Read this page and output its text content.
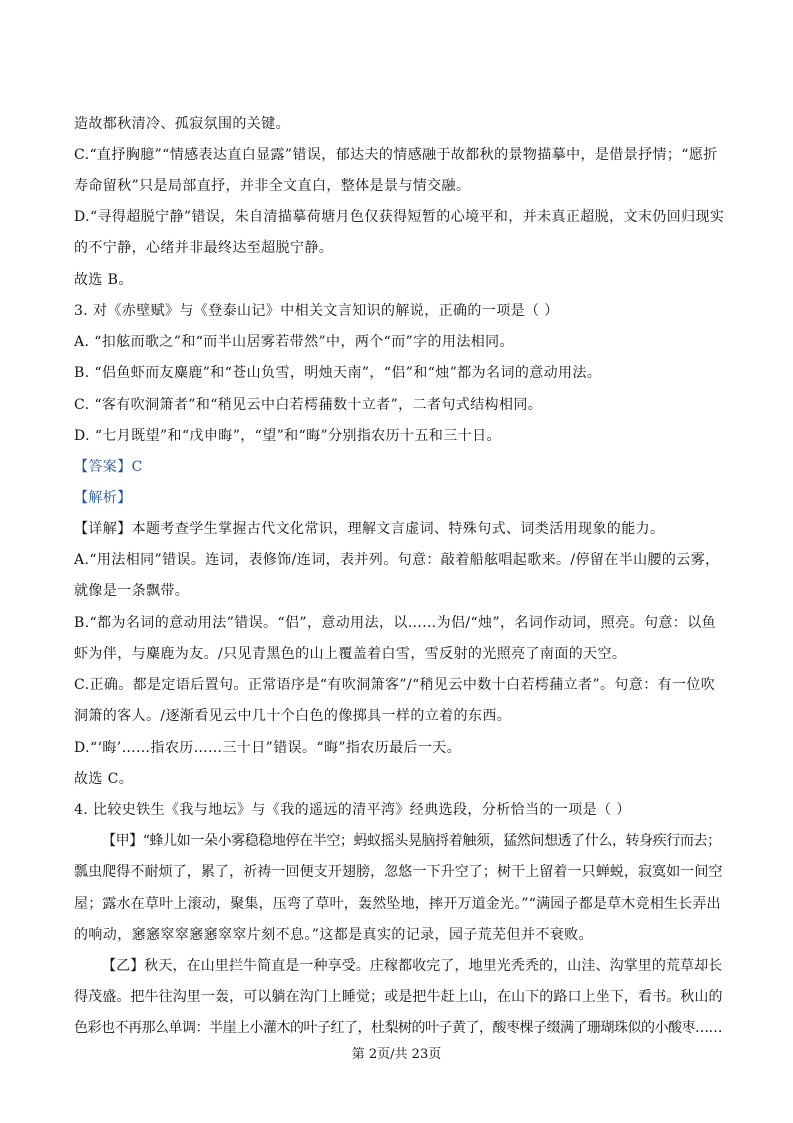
造故都秋清冷、孤寂氛围的关键。
C.“直抒胸臆”“情感表达直白显露”错误，郁达夫的情感融于故都秋的景物描摹中，是借景抒情；“愿折
寿命留秋”只是局部直抒，并非全文直白，整体是景与情交融。
D.“寻得超脱宁静”错误，朱自清描摹荷塘月色仅获得短暂的心境平和，并未真正超脱，文末仍回归现实
的不宁静，心绪并非最终达至超脱宁静。
故选 B。
3. 对《赤壁赋》与《登泰山记》中相关文言知识的解说，正确的一项是（ ）
A. “扣舷而歌之”和“而半山居雾若带然”中，两个“而”字的用法相同。
B. “侣鱼虾而友麋鹿”和“苍山负雪，明烛天南”，“侣”和“烛”都为名词的意动用法。
C. “客有吹洞箫者”和“稍见云中白若樗蒱数十立者”，二者句式结构相同。
D. “七月既望”和“戊申晦”，“望”和“晦”分别指农历十五和三十日。
【答案】C
【解析】
【详解】本题考查学生掌握古代文化常识，理解文言虚词、特殊句式、词类活用现象的能力。
A.“用法相同”错误。连词，表修饰/连词，表并列。句意：敲着船舷唱起歌来。/停留在半山腰的云雾，
就像是一条飘带。
B.“都为名词的意动用法”错误。“侣”，意动用法，以……为侣/“烛”，名词作动词，照亮。句意：以鱼
虾为伴，与麋鹿为友。/只见青黑色的山上覆盖着白雪，雪反射的光照亮了南面的天空。
C.正确。都是定语后置句。正常语序是“有吹洞箫客”/“稍见云中数十白若樗蒱立者”。句意：有一位吹
洞箫的客人。/逐渐看见云中几十个白色的像掷具一样的立着的东西。
D.“‘晦’……指农历……三十日”错误。“晦”指农历最后一天。
故选 C。
4. 比较史铁生《我与地坛》与《我的遥远的清平湾》经典选段，分析恰当的一项是（ ）
【甲】“蜂儿如一朵小雾稳稳地停在半空；蚂蚁摇头晃脑捋着触须，猛然间想透了什么，转身疾行而去；
瓢虫爬得不耐烦了，累了，祈祷一回便支开翅膀，忽悠一下升空了；树干上留着一只蝉蜕，寂寞如一间空
屋；露水在草叶上滚动，聚集，压弯了草叶，轰然坠地，摔开万道金光。”“满园子都是草木竞相生长弄出
的响动，窸窸窣窣窸窸窣窣片刻不息。”这都是真实的记录，园子荒芜但并不衰败。
【乙】秋天，在山里拦牛简直是一种享受。庄稼都收完了，地里光秃秃的，山洼、沟掌里的荒草却长
得茂盛。把牛往沟里一轰，可以躺在沟门上睡觉；或是把牛赶上山，在山下的路口上坐下，看书。秋山的
色彩也不再那么单调：半崖上小灌木的叶子红了，杜梨树的叶子黄了，酸枣棵子缀满了珊瑚珠似的小酸枣……
第 2页/共 23页
